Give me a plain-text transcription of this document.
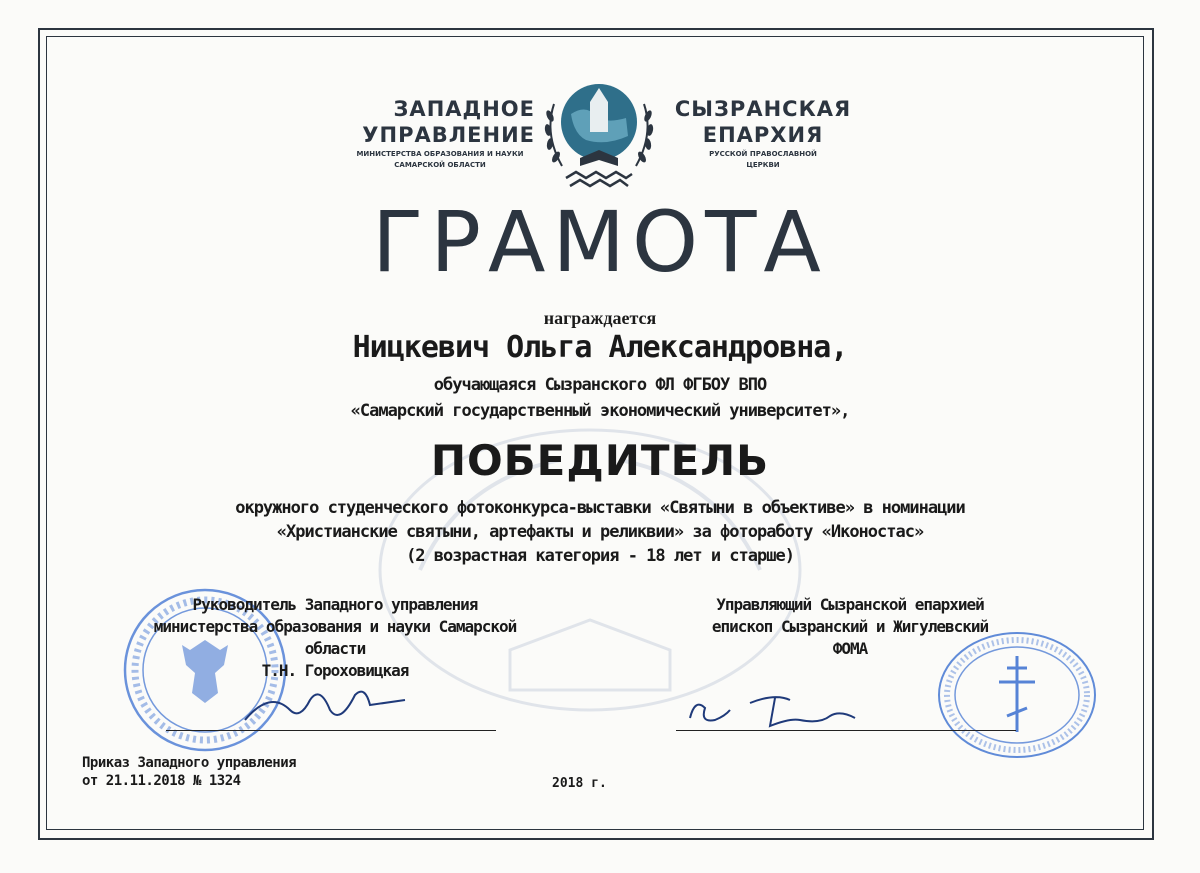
ЗАПАДНОЕ
УПРАВЛЕНИЕ
МИНИСТЕРСТВА ОБРАЗОВАНИЯ И НАУКИ
САМАРСКОЙ ОБЛАСТИ
СЫЗРАНСКАЯ
ЕПАРХИЯ
РУССКОЙ ПРАВОСЛАВНОЙ
ЦЕРКВИ
ГРАМОТА
награждается
Ницкевич Ольга Александровна,
обучающаяся Сызранского ФЛ ФГБОУ ВПО
«Самарский государственный экономический университет»,
ПОБЕДИТЕЛЬ
окружного студенческого фотоконкурса-выставки «Святыни в объективе» в номинации
«Христианские святыни, артефакты и реликвии» за фотоработу «Иконостас»
(2 возрастная категория - 18 лет и старше)
Руководитель Западного управления
министерства образования и науки Самарской
области
Т.Н. Гороховицкая
Управляющий Сызранской епархией
епископ Сызранский и Жигулевский
ФОМА
Приказ Западного управления
от 21.11.2018 № 1324	2018 г.
